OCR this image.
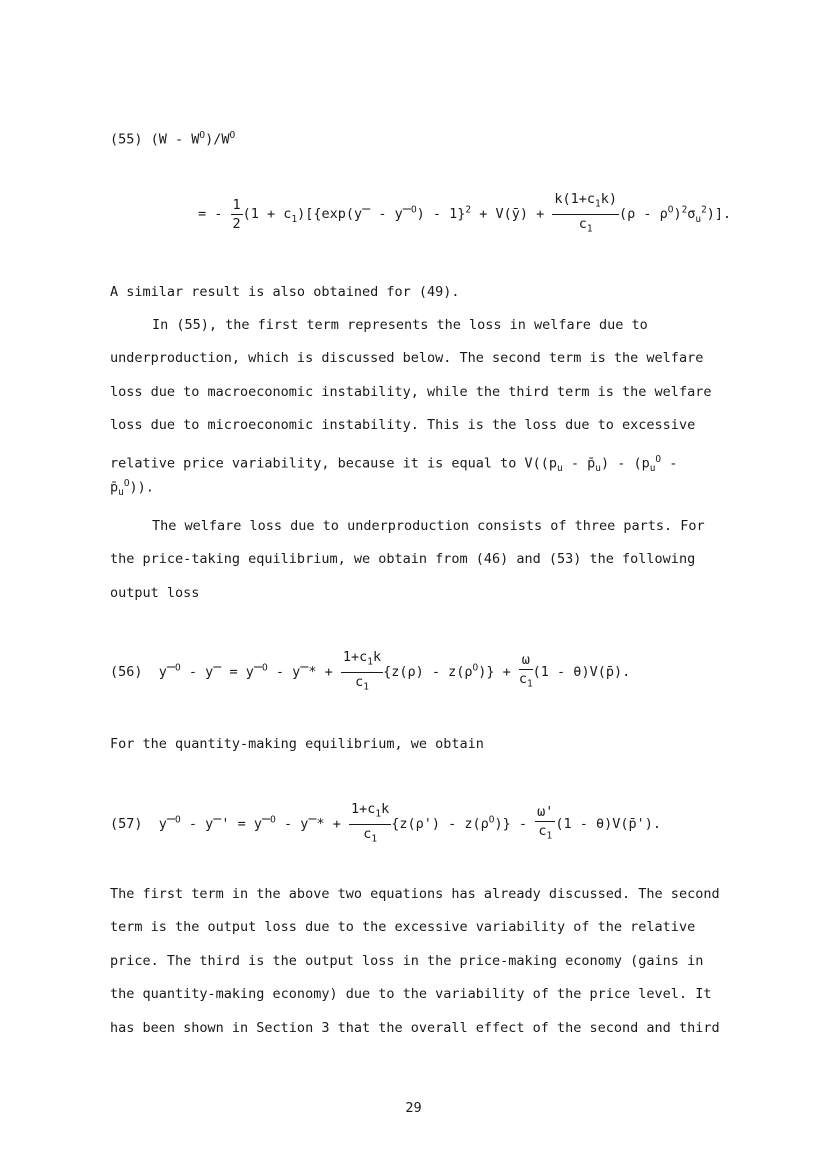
(55) $(W - W^O)/W^O$
= - $\frac{1}{2} (1$ + $c_1)[\{\exp(y̿$ - y̿$^O$) - 1}$^2$ + V(ȳ) + $\frac{k(1+c_1k)}{c_1} (\rho - \rho^O)^2\sigma_u^2$)].
A similar result is also obtained for (49).
In (55), the first term represents the loss in welfare due to
underproduction, which is discussed below. The second term is the welfare
loss due to macroeconomic instability, while the third term is the welfare
loss due to microeconomic instability. This is the loss due to excessive
relative price variability, because it is equal to $V((p_u$ - $p̄_u) - (p_u^O$ -
$p̄_u^O$)).
The welfare loss due to underproduction consists of three parts. For
the price-taking equilibrium, we obtain from (46) and (53) the following
output loss
(56) y̿$^O$ - y̿ = y̿$^O$ - y̿* + $\frac{1+c_1k}{c_1} \{z(\rho) - z(\rho^O)\} + \frac{\omega}{c_1} (1$ - θ)V(p̄).
For the quantity-making equilibrium, we obtain
(57) y̿$^O$ - y̿' = y̿$^O$ - y̿* + $\frac{1+c_1k}{c_1} \{z(\rho') - z(\rho^O)\} - \frac{\omega'}{c_1} (1$ - θ)V(p̄').
The first term in the above two equations has already discussed. The second
term is the output loss due to the excessive variability of the relative
price. The third is the output loss in the price-making economy (gains in
the quantity-making economy) due to the variability of the price level. It
has been shown in Section 3 that the overall effect of the second and third
29
